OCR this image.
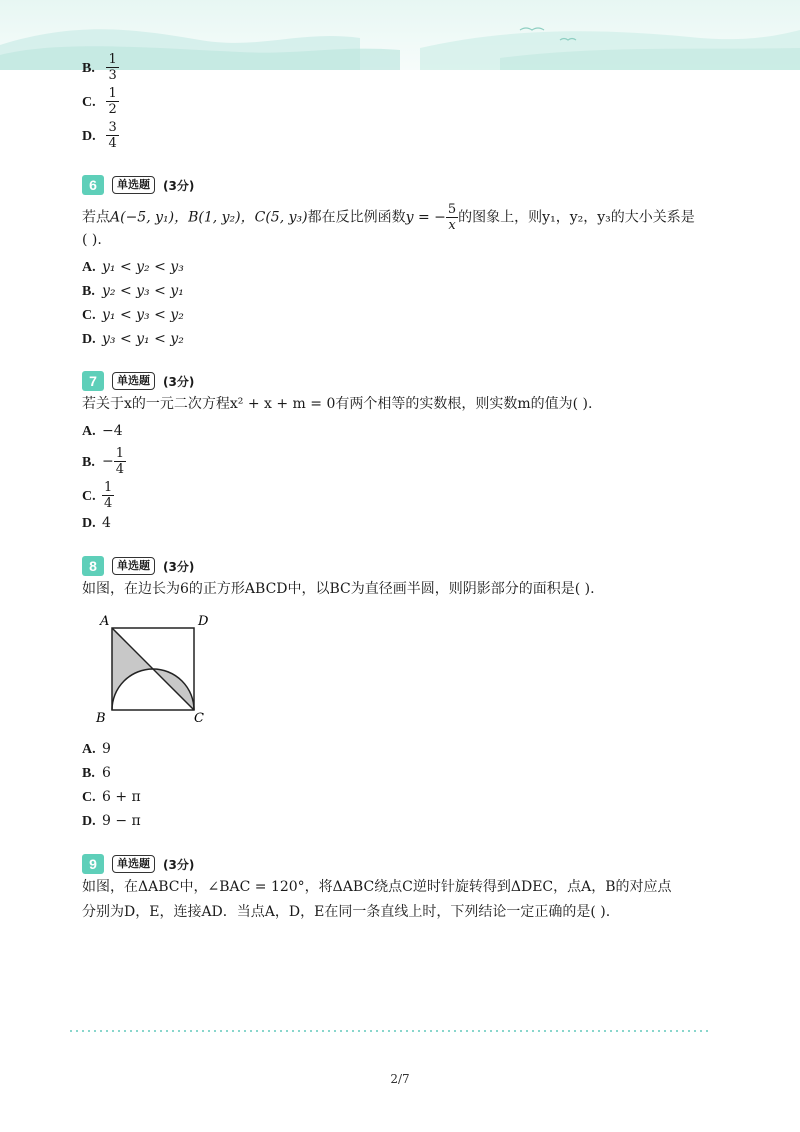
B. $\frac{1}{3}$
C. $\frac{1}{2}$
D. $\frac{3}{4}$
6	单选题	(3分)
若点A(−5, y₁)，B(1, y₂)，C(5, y₃)都在反比例函数y = − $\frac{5}{x}$ 的图象上，则y₁，y₂，y₃的大小关系是
( ).
A. y₁ < y₂ < y₃
B. y₂ < y₃ < y₁
C. y₁ < y₃ < y₂
D. y₃ < y₁ < y₂
7	单选题	(3分)
若关于x的一元二次方程x² + x + m = 0有两个相等的实数根，则实数m的值为( ).
A. −4
B. − $\frac{1}{4}$
C. $\frac{1}{4}$
D. 4
8	单选题	(3分)
如图，在边长为6的正方形ABCD中，以BC为直径画半圆，则阴影部分的面积是( ).
A	D
B	C
A. 9
B. 6
C. 6 + π
D. 9 − π
9	单选题	(3分)
如图，在ΔABC中，∠BAC = 120°，将ΔABC绕点C逆时针旋转得到ΔDEC，点A，B的对应点
分别为D，E，连接AD．当点A，D，E在同一条直线上时，下列结论一定正确的是( ).
2/7
